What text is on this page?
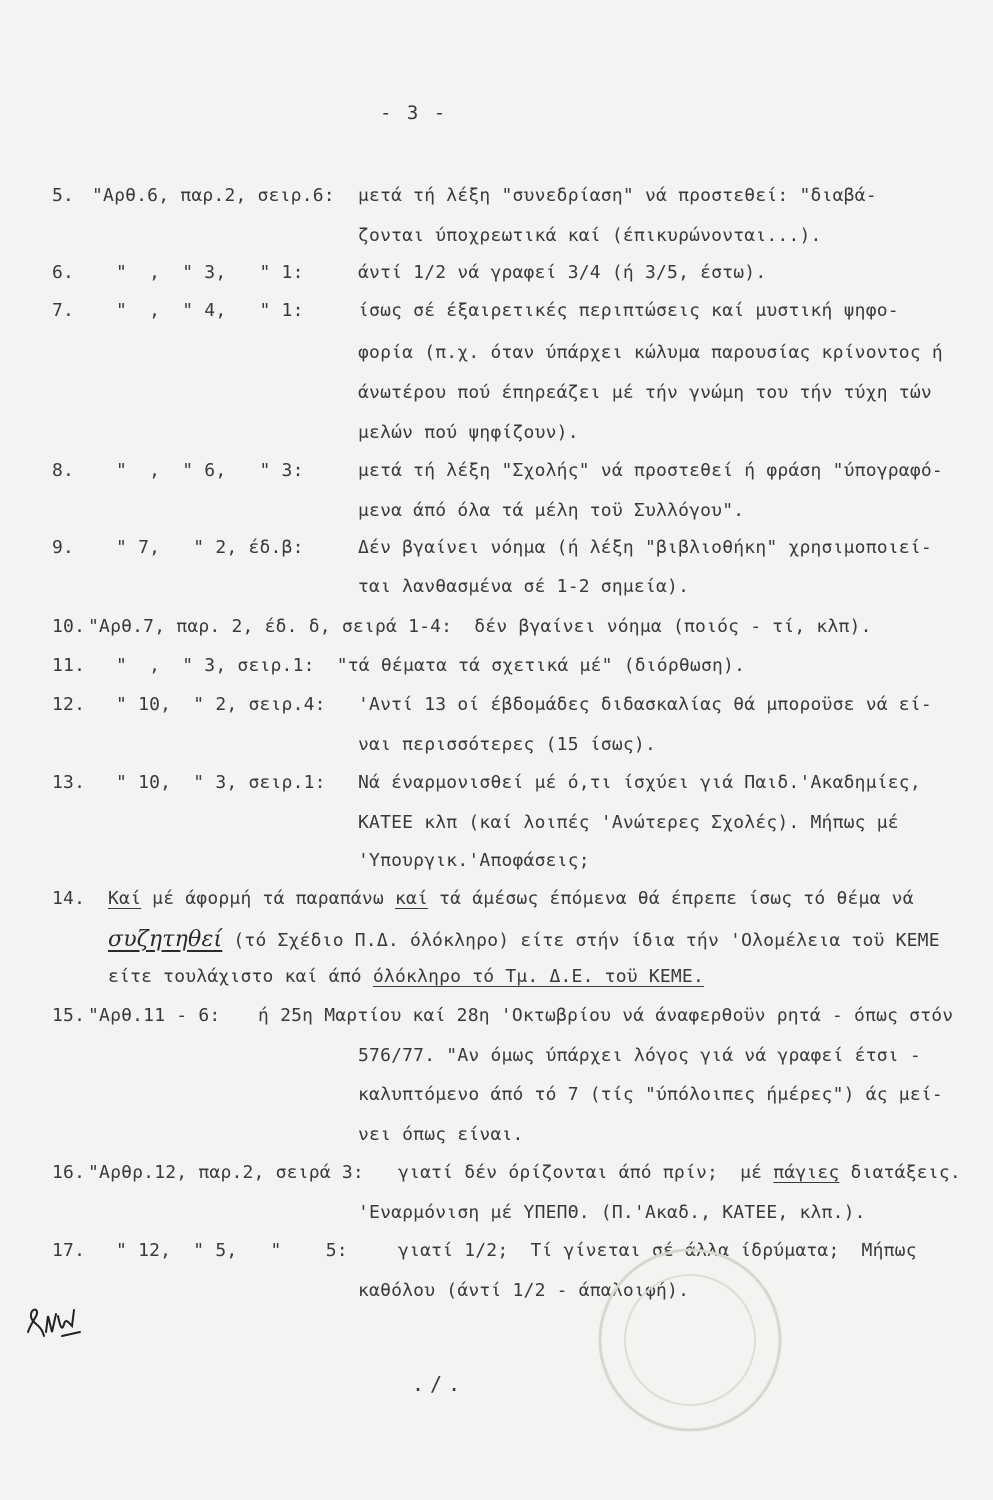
- 3 -
5. "Αρθ.6, παρ.2, σειρ.6: μετά τή λέξη "συνεδρίαση" νά προστεθεί: "διαβά-
ζονται ύποχρεωτικά καί (έπικυρώνονται...).
6. "  ,  " 3,   " 1:	άντί 1/2 νά γραφεί 3/4 (ή 3/5, έστω).
7. "  ,  " 4,   " 1:	ίσως σέ έξαιρετικές περιπτώσεις καί μυστική ψηφο-
φορία (π.χ. όταν ύπάρχει κώλυμα παρουσίας κρίνοντος ή
άνωτέρου πού έπηρεάζει μέ τήν γνώμη του τήν τύχη τών
μελών πού ψηφίζουν).
8. "  ,  " 6,   " 3:	μετά τή λέξη "Σχολής" νά προστεθεί ή φράση "ύπογραφό-
μενα άπό όλα τά μέλη τοϋ Συλλόγου".
9. " 7,   " 2, έδ.β:	Δέν βγαίνει νόημα (ή λέξη "βιβλιοθήκη" χρησιμοποιεί-
ται λανθασμένα σέ 1-2 σημεία).
10. "Αρθ.7, παρ. 2, έδ. δ, σειρά 1-4:  δέν βγαίνει νόημα (ποιός - τί, κλπ).
11. "  ,  " 3, σειρ.1:  "τά θέματα τά σχετικά μέ" (διόρθωση).
12. " 10,  " 2, σειρ.4: 'Αντί 13 οί έβδομάδες διδασκαλίας θά μποροϋσε νά εί-
ναι περισσότερες (15 ίσως).
13. " 10,  " 3, σειρ.1: Νά έναρμονισθεί μέ ό,τι ίσχύει γιά Παιδ.'Ακαδημίες,
ΚΑΤΕΕ κλπ (καί λοιπές 'Ανώτερες Σχολές). Μήπως μέ
'Υπουργικ.'Αποφάσεις;
14. Καί μέ άφορμή τά παραπάνω καί τά άμέσως έπόμενα θά έπρεπε ίσως τό θέμα νά
συζητηθεί (τό Σχέδιο Π.Δ. όλόκληρο) είτε στήν ίδια τήν 'Ολομέλεια τοϋ ΚΕΜΕ
είτε τουλάχιστο καί άπό όλόκληρο τό Τμ. Δ.Ε. τοϋ ΚΕΜΕ.
15. "Αρθ.11 - 6: ή 25η Μαρτίου καί 28η 'Οκτωβρίου νά άναφερθοϋν ρητά - όπως στόν
576/77. "Αν όμως ύπάρχει λόγος γιά νά γραφεί έτσι -
καλυπτόμενο άπό τό 7 (τίς "ύπόλοιπες ήμέρες") άς μεί-
νει όπως είναι.
16. "Αρθρ.12, παρ.2, σειρά 3: γιατί δέν όρίζονται άπό πρίν;  μέ πάγιες διατάξεις.
'Εναρμόνιση μέ ΥΠΕΠΘ. (Π.'Ακαδ., ΚΑΤΕΕ, κλπ.).
17. " 12,  " 5,   "    5:	γιατί 1/2;  Τί γίνεται σέ άλλα ίδρύματα;  Μήπως
καθόλου (άντί 1/2 - άπαλοιφή).
./.
